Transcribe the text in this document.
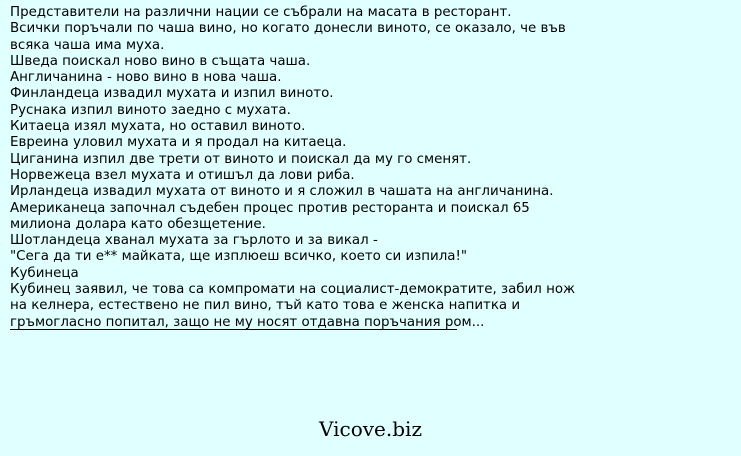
Представители на различни нации се събрали на масата в ресторант.
Всички поръчали по чаша вино, но когато донесли виното, се оказало, че във
всяка чаша има муха.
Шведа поискал ново вино в същата чаша.
Англичанина - ново вино в нова чаша.
Финландеца извадил мухата и изпил виното.
Руснака изпил виното заедно с мухата.
Китаеца изял мухата, но оставил виното.
Евреина уловил мухата и я продал на китаеца.
Циганина изпил две трети от виното и поискал да му го сменят.
Норвежеца взел мухата и отишъл да лови риба.
Ирландеца извадил мухата от виното и я сложил в чашата на англичанина.
Американеца започнал съдебен процес против ресторанта и поискал 65
милиона долара като обезщетение.
Шотландеца хванал мухата за гърлото и за викал -
"Сега да ти е** майката, ще изплюеш всичко, което си изпила!"
Кубинеца
Кубинец заявил, че това са компромати на социалист-демократите, забил нож
на келнера, естествено не пил вино, тъй като това е женска напитка и
гръмогласно попитал, защо не му носят отдавна поръчания ром...
Vicove.biz
